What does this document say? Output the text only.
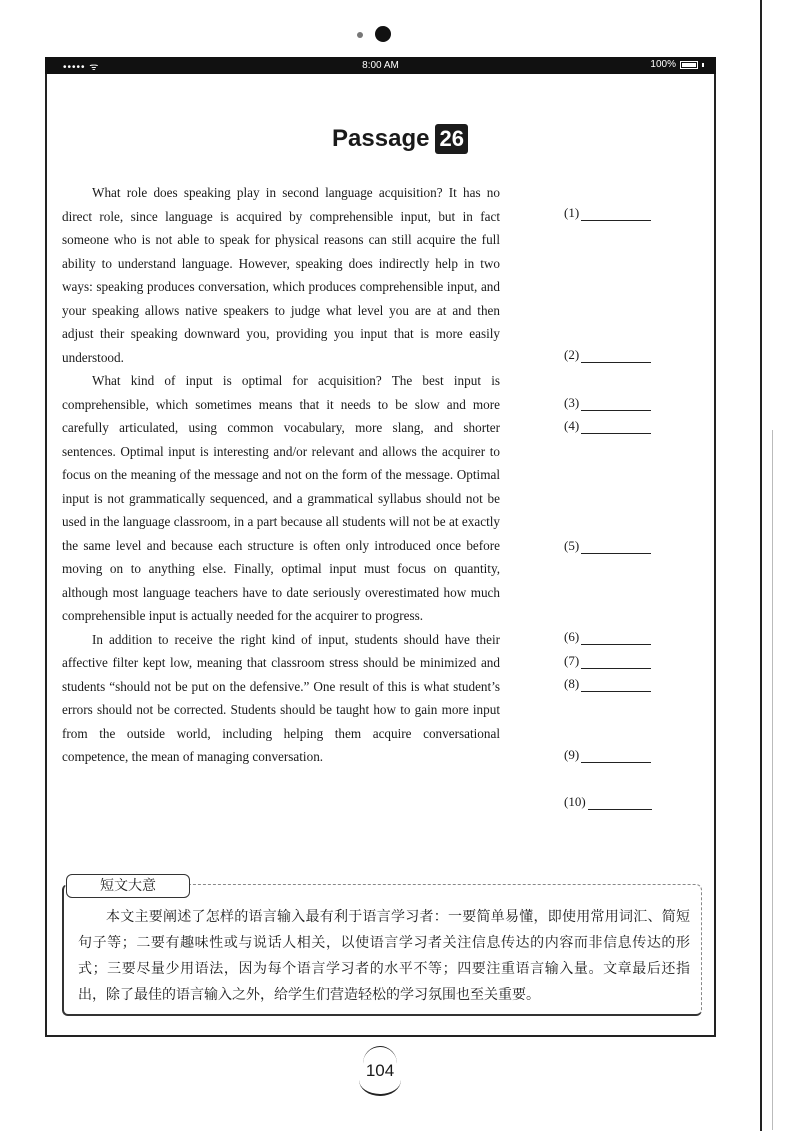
••••• ᯤ	8:00 AM	100%
Passage 26

What role does speaking play in second language acquisition? It has no direct role, since language is acquired by comprehensible input, but in fact someone who is not able to speak for physical reasons can still acquire the full ability to understand language. However, speaking does indirectly help in two ways: speaking produces conversation, which produces comprehensible input, and your speaking allows native speakers to judge what level you are at and then adjust their speaking downward you, providing you input that is more easily understood.

What kind of input is optimal for acquisition? The best input is comprehensible, which sometimes means that it needs to be slow and more carefully articulated, using common vocabulary, more slang, and shorter sentences. Optimal input is interesting and/or relevant and allows the acquirer to focus on the meaning of the message and not on the form of the message. Optimal input is not grammatically sequenced, and a grammatical syllabus should not be used in the language classroom, in a part because all students will not be at exactly the same level and because each structure is often only introduced once before moving on to anything else. Finally, optimal input must focus on quantity, although most language teachers have to date seriously overestimated how much comprehensible input is actually needed for the acquirer to progress.

In addition to receive the right kind of input, students should have their affective filter kept low, meaning that classroom stress should be minimized and students “should not be put on the defensive.” One result of this is what student’s errors should not be corrected. Students should be taught how to gain more input from the outside world, including helping them acquire conversational competence, the mean of managing conversation.

(1)
(2)
(3)
(4)
(5)
(6)
(7)
(8)
(9)
(10)
短文大意
本文主要阐述了怎样的语言输入最有利于语言学习者：一要简单易懂，即使用常用词汇、简短句子等；二要有趣味性或与说话人相关，以使语言学习者关注信息传达的内容而非信息传达的形式；三要尽量少用语法，因为每个语言学习者的水平不等；四要注重语言输入量。文章最后还指出，除了最佳的语言输入之外，给学生们营造轻松的学习氛围也至关重要。
104
